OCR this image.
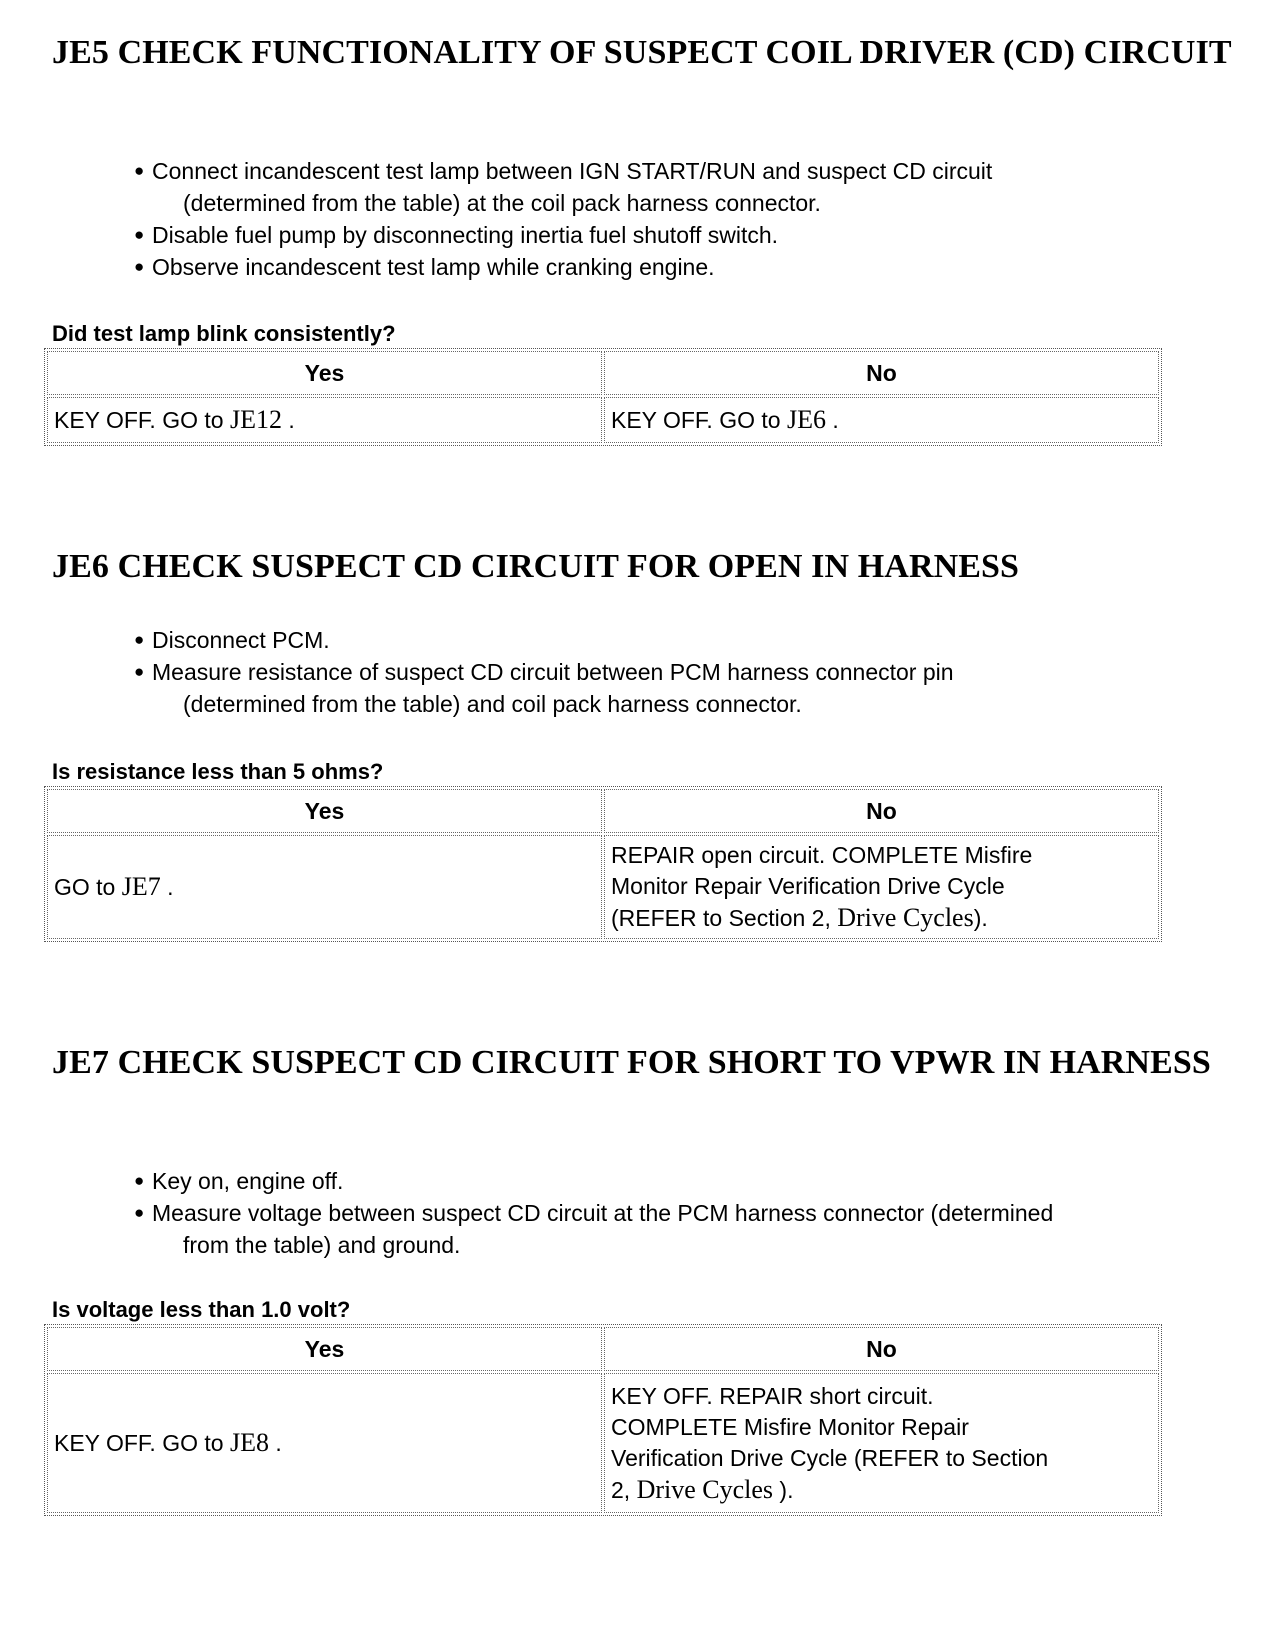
JE5 CHECK FUNCTIONALITY OF SUSPECT COIL DRIVER (CD) CIRCUIT
● Connect incandescent test lamp between IGN START/RUN and suspect CD circuit
(determined from the table) at the coil pack harness connector.
● Disable fuel pump by disconnecting inertia fuel shutoff switch.
● Observe incandescent test lamp while cranking engine.
Did test lamp blink consistently?
Yes	No
KEY OFF. GO to JE12 .	KEY OFF. GO to JE6 .
JE6 CHECK SUSPECT CD CIRCUIT FOR OPEN IN HARNESS
● Disconnect PCM.
● Measure resistance of suspect CD circuit between PCM harness connector pin
(determined from the table) and coil pack harness connector.
Is resistance less than 5 ohms?
Yes	No
GO to JE7 .	REPAIR open circuit. COMPLETE Misfire
Monitor Repair Verification Drive Cycle
(REFER to Section 2, Drive Cycles).
JE7 CHECK SUSPECT CD CIRCUIT FOR SHORT TO VPWR IN HARNESS
● Key on, engine off.
● Measure voltage between suspect CD circuit at the PCM harness connector (determined
from the table) and ground.
Is voltage less than 1.0 volt?
Yes	No
KEY OFF. GO to JE8 .	KEY OFF. REPAIR short circuit.
COMPLETE Misfire Monitor Repair
Verification Drive Cycle (REFER to Section
2, Drive Cycles ).
